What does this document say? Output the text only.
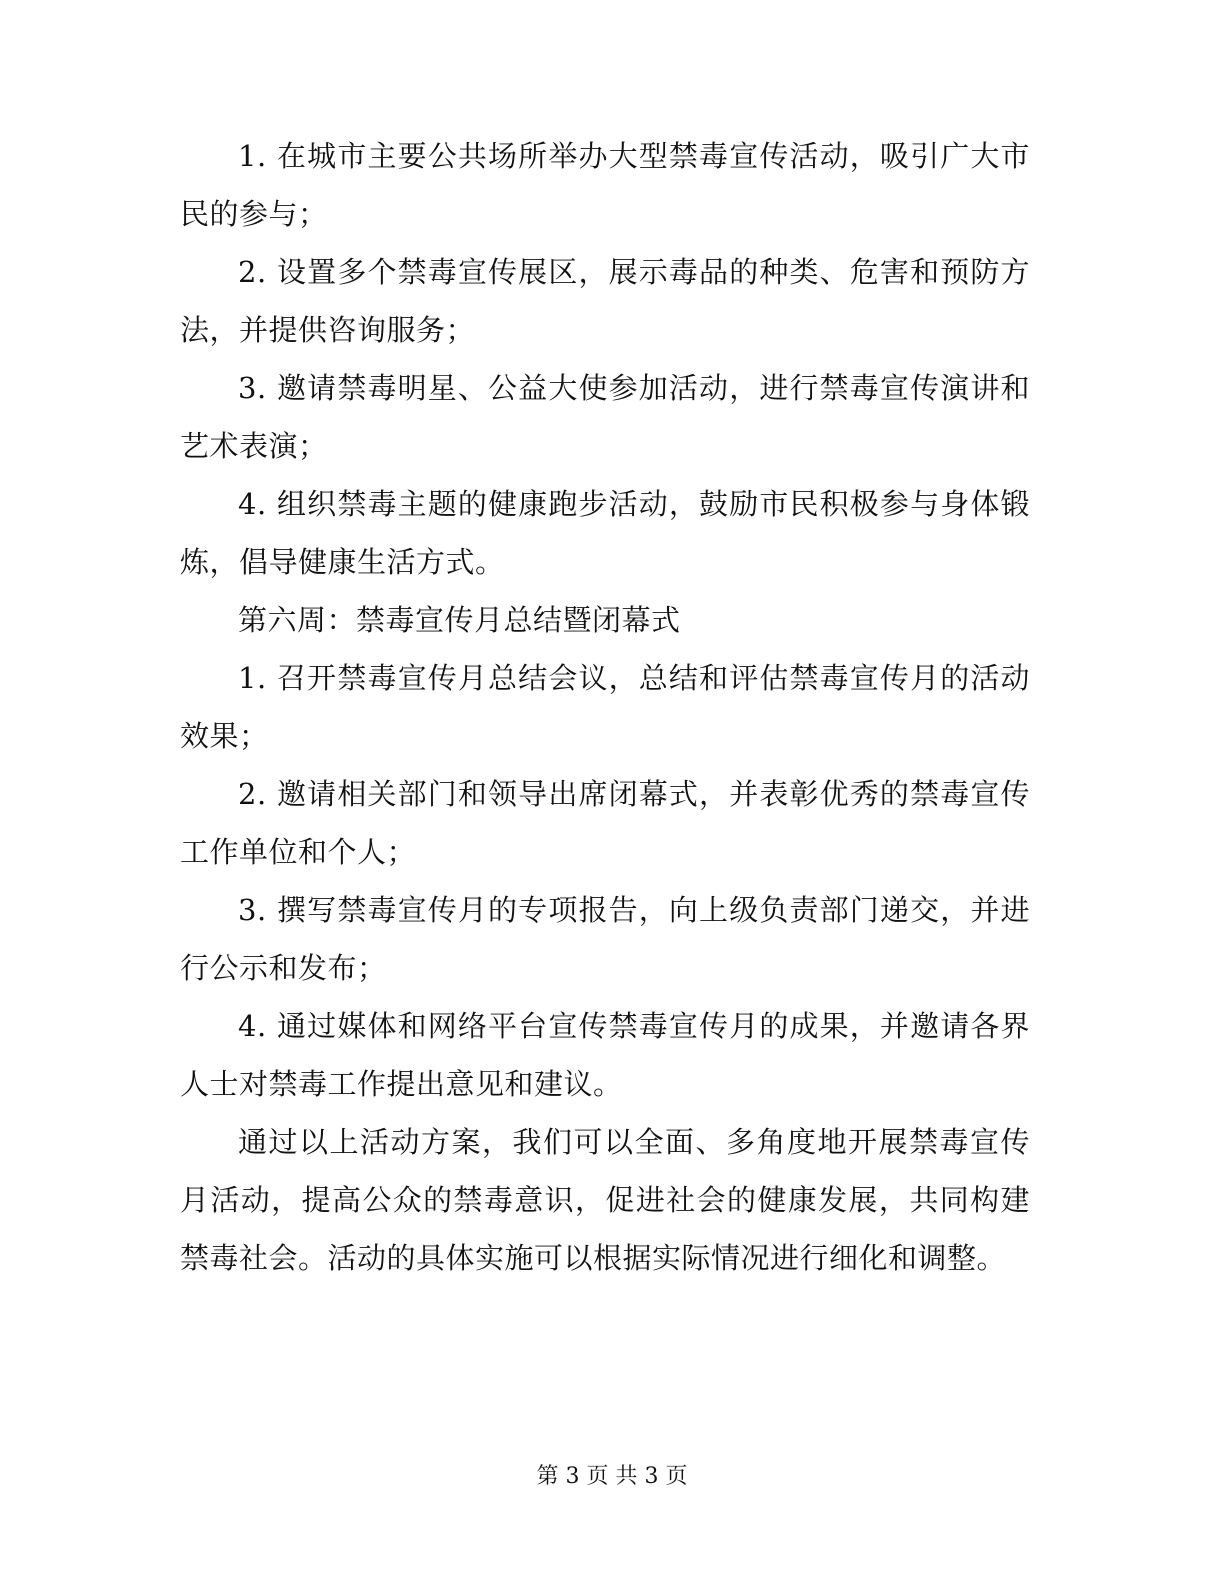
1. 在城市主要公共场所举办大型禁毒宣传活动，吸引广大市民的参与；

2. 设置多个禁毒宣传展区，展示毒品的种类、危害和预防方法，并提供咨询服务；

3. 邀请禁毒明星、公益大使参加活动，进行禁毒宣传演讲和艺术表演；

4. 组织禁毒主题的健康跑步活动，鼓励市民积极参与身体锻炼，倡导健康生活方式。

第六周：禁毒宣传月总结暨闭幕式

1. 召开禁毒宣传月总结会议，总结和评估禁毒宣传月的活动效果；

2. 邀请相关部门和领导出席闭幕式，并表彰优秀的禁毒宣传工作单位和个人；

3. 撰写禁毒宣传月的专项报告，向上级负责部门递交，并进行公示和发布；

4. 通过媒体和网络平台宣传禁毒宣传月的成果，并邀请各界人士对禁毒工作提出意见和建议。

通过以上活动方案，我们可以全面、多角度地开展禁毒宣传月活动，提高公众的禁毒意识，促进社会的健康发展，共同构建禁毒社会。活动的具体实施可以根据实际情况进行细化和调整。

第 3 页 共 3 页
